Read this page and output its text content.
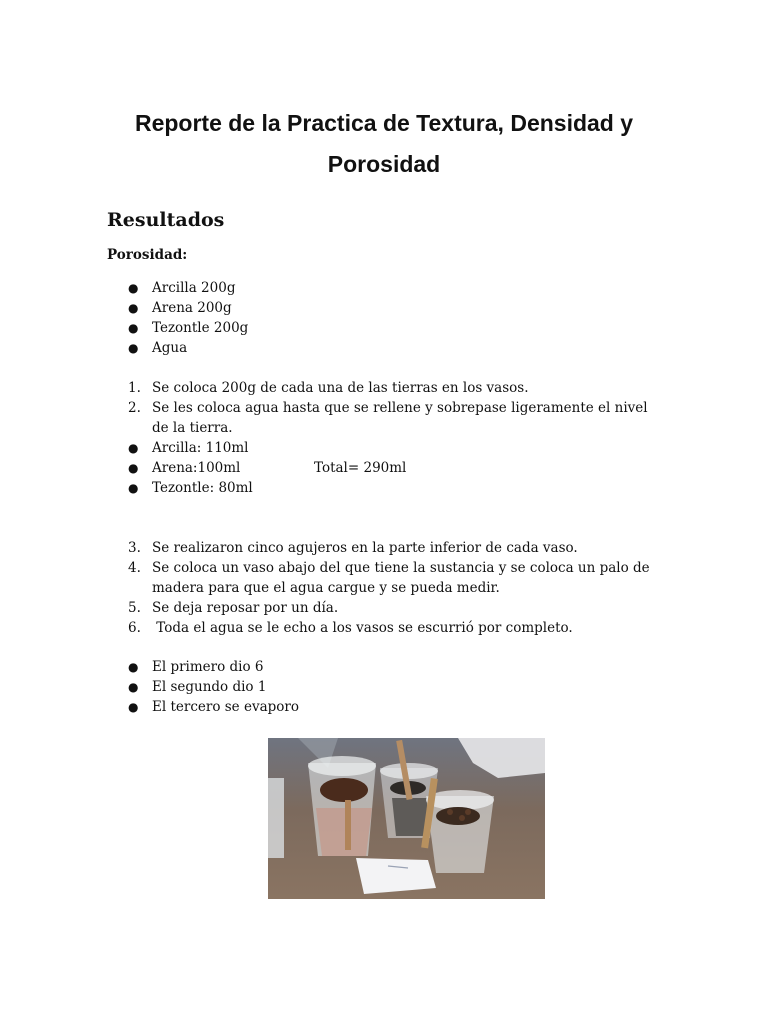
Reporte de la Practica de Textura, Densidad y Porosidad
Resultados
Porosidad:
●	Arcilla 200g
●	Arena 200g
●	Tezontle 200g
●	Agua
1. Se coloca 200g de cada una de las tierras en los vasos.
2. Se les coloca agua hasta que se rellene y sobrepase ligeramente el nivel de la tierra.
●	Arcilla: 110ml
●	Arena:100ml	Total= 290ml
●	Tezontle: 80ml
3. Se realizaron cinco agujeros en la parte inferior de cada vaso.
4. Se coloca un vaso abajo del que tiene la sustancia y se coloca un palo de madera para que el agua cargue y se pueda medir.
5. Se deja reposar por un día.
6. Toda el agua se le echo a los vasos se escurrió por completo.
●	El primero dio 6
●	El segundo dio 1
●	El tercero se evaporo
